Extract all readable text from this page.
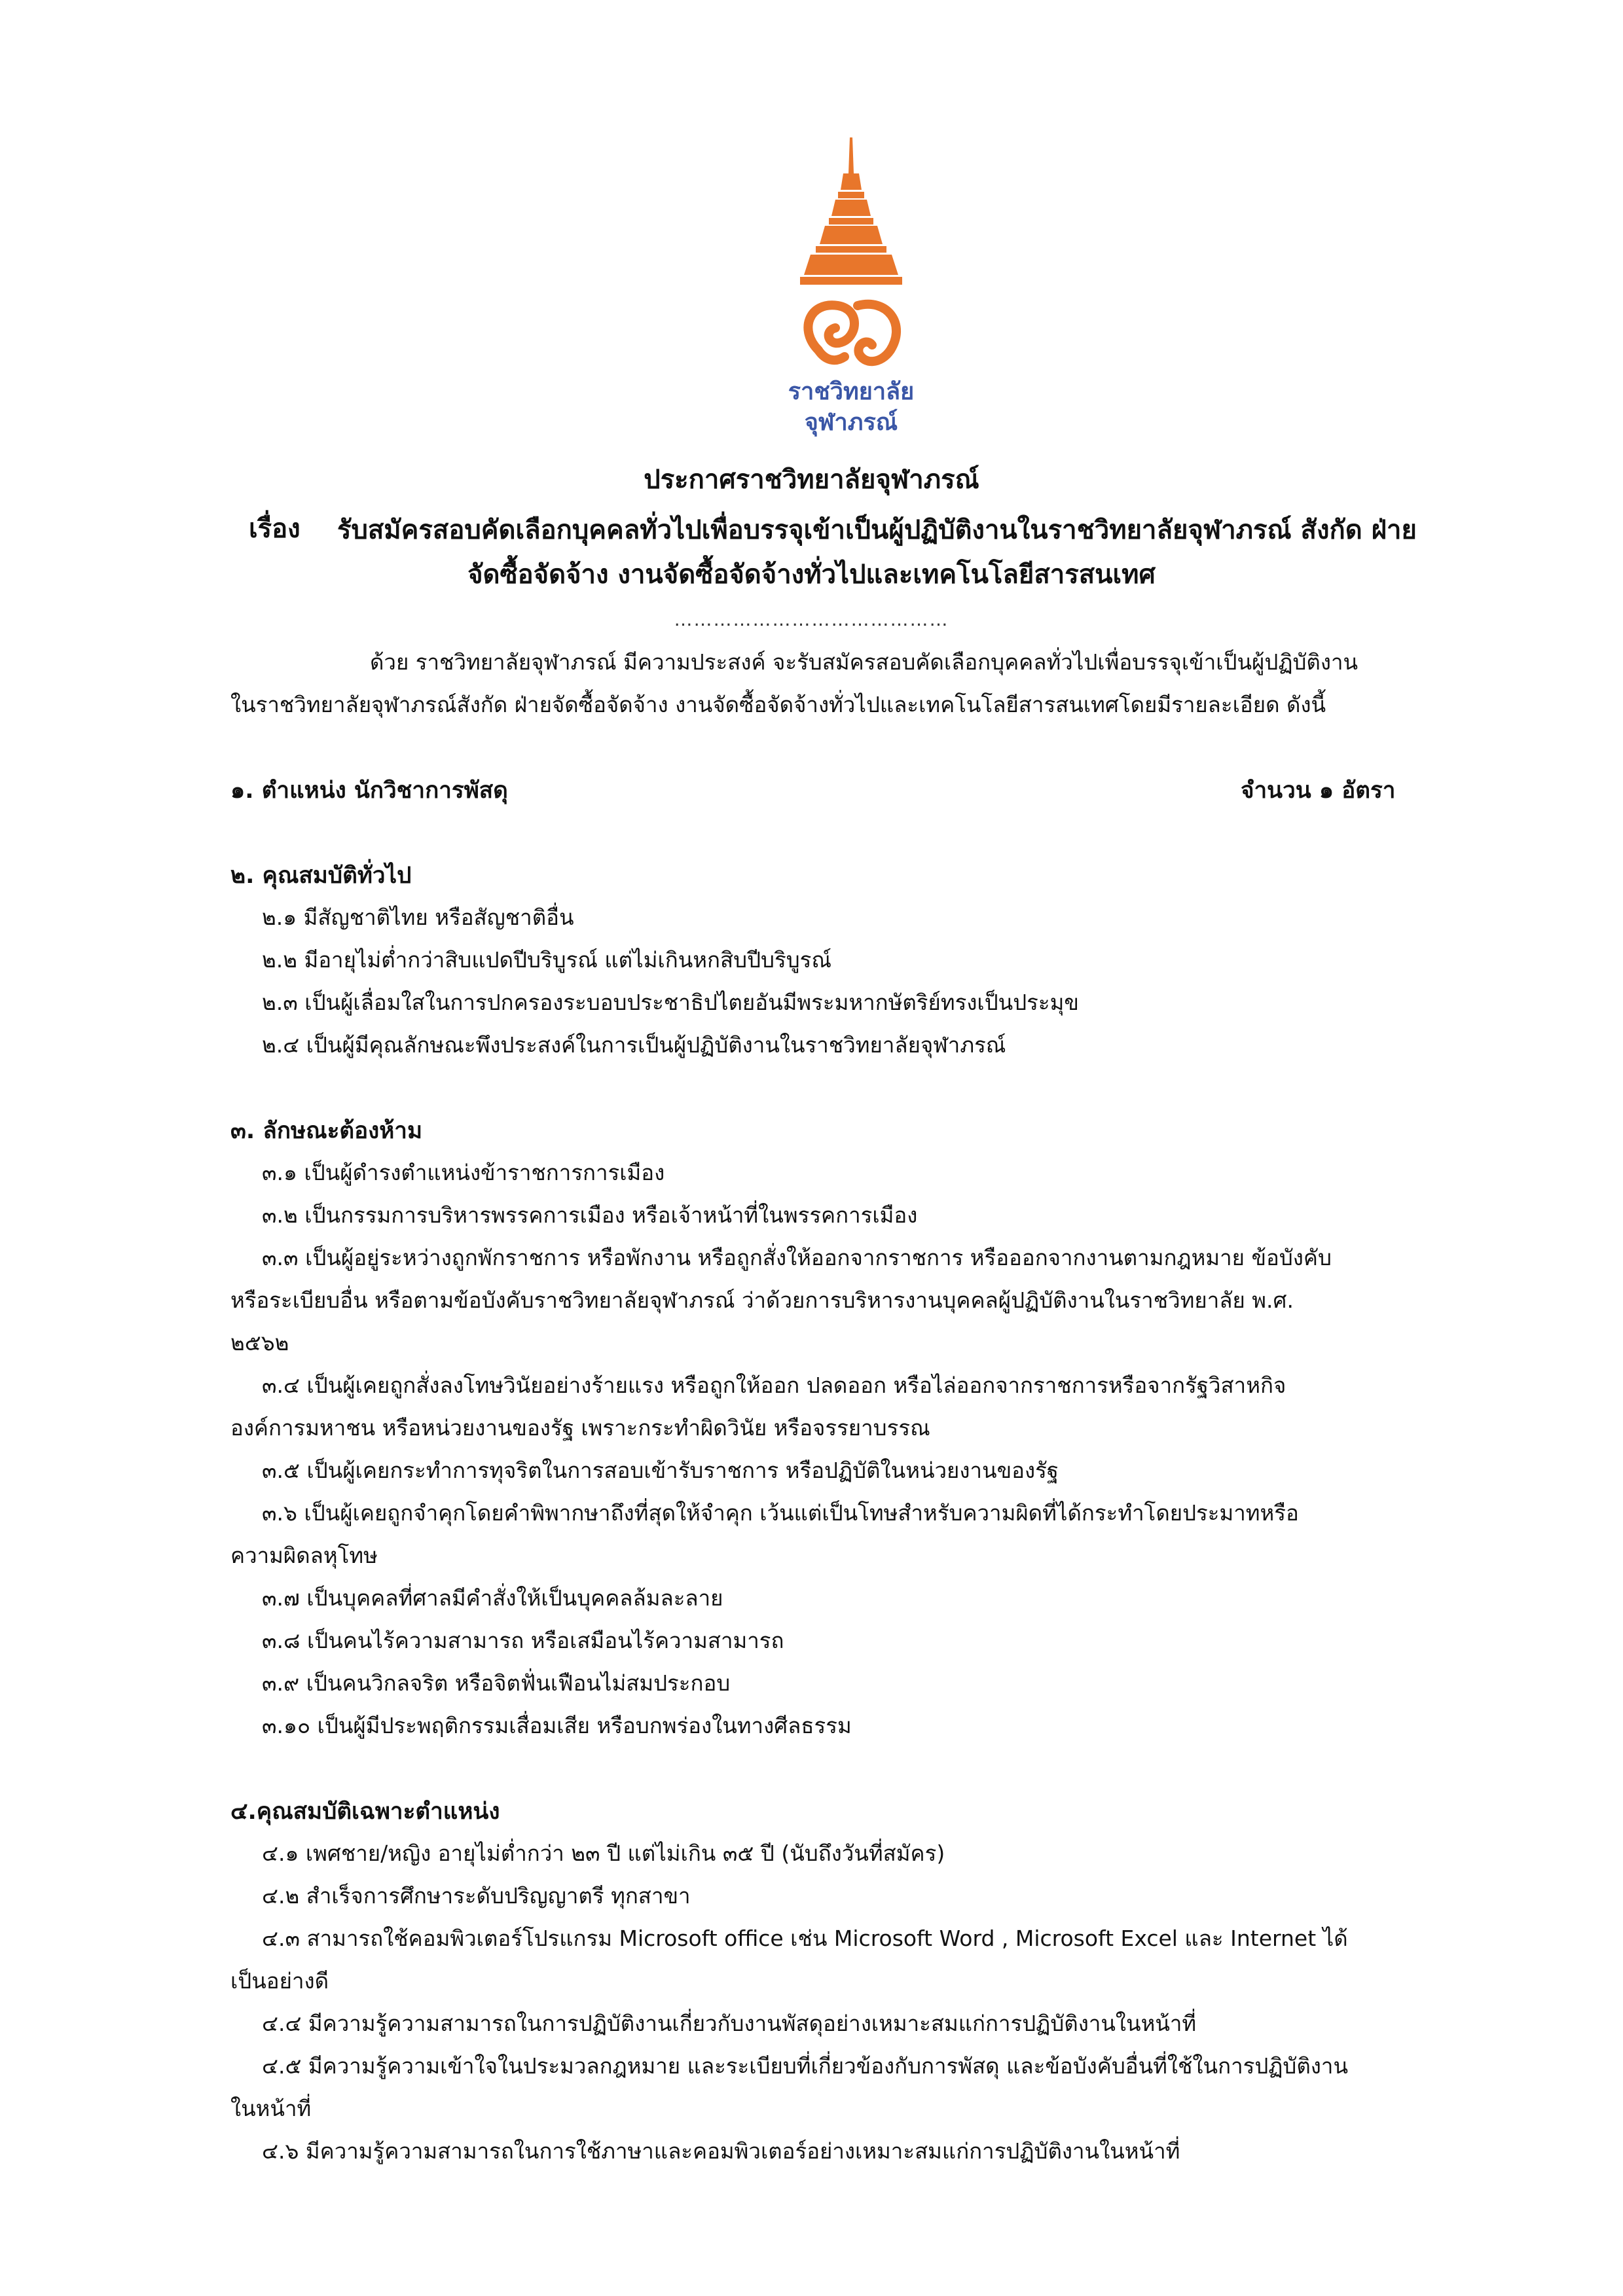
ราชวิทยาลัย
จุฬาภรณ์
ประกาศราชวิทยาลัยจุฬาภรณ์
เรื่อง รับสมัครสอบคัดเลือกบุคคลทั่วไปเพื่อบรรจุเข้าเป็นผู้ปฏิบัติงานในราชวิทยาลัยจุฬาภรณ์ สังกัด ฝ่าย
จัดซื้อจัดจ้าง งานจัดซื้อจัดจ้างทั่วไปและเทคโนโลยีสารสนเทศ
……………………………………
ด้วย ราชวิทยาลัยจุฬาภรณ์ มีความประสงค์ จะรับสมัครสอบคัดเลือกบุคคลทั่วไปเพื่อบรรจุเข้าเป็นผู้ปฏิบัติงาน
ในราชวิทยาลัยจุฬาภรณ์สังกัด ฝ่ายจัดซื้อจัดจ้าง งานจัดซื้อจัดจ้างทั่วไปและเทคโนโลยีสารสนเทศโดยมีรายละเอียด ดังนี้
๑. ตำแหน่ง นักวิชาการพัสดุ	จำนวน ๑ อัตรา
๒. คุณสมบัติทั่วไป
๒.๑ มีสัญชาติไทย หรือสัญชาติอื่น
๒.๒ มีอายุไม่ต่ำกว่าสิบแปดปีบริบูรณ์ แต่ไม่เกินหกสิบปีบริบูรณ์
๒.๓ เป็นผู้เลื่อมใสในการปกครองระบอบประชาธิปไตยอันมีพระมหากษัตริย์ทรงเป็นประมุข
๒.๔ เป็นผู้มีคุณลักษณะพึงประสงค์ในการเป็นผู้ปฏิบัติงานในราชวิทยาลัยจุฬาภรณ์
๓. ลักษณะต้องห้าม
๓.๑ เป็นผู้ดำรงตำแหน่งข้าราชการการเมือง
๓.๒ เป็นกรรมการบริหารพรรคการเมือง หรือเจ้าหน้าที่ในพรรคการเมือง
๓.๓ เป็นผู้อยู่ระหว่างถูกพักราชการ หรือพักงาน หรือถูกสั่งให้ออกจากราชการ หรือออกจากงานตามกฎหมาย ข้อบังคับ
หรือระเบียบอื่น หรือตามข้อบังคับราชวิทยาลัยจุฬาภรณ์ ว่าด้วยการบริหารงานบุคคลผู้ปฏิบัติงานในราชวิทยาลัย พ.ศ.
๒๕๖๒
๓.๔ เป็นผู้เคยถูกสั่งลงโทษวินัยอย่างร้ายแรง หรือถูกให้ออก ปลดออก หรือไล่ออกจากราชการหรือจากรัฐวิสาหกิจ
องค์การมหาชน หรือหน่วยงานของรัฐ เพราะกระทำผิดวินัย หรือจรรยาบรรณ
๓.๕ เป็นผู้เคยกระทำการทุจริตในการสอบเข้ารับราชการ หรือปฏิบัติในหน่วยงานของรัฐ
๓.๖ เป็นผู้เคยถูกจำคุกโดยคำพิพากษาถึงที่สุดให้จำคุก เว้นแต่เป็นโทษสำหรับความผิดที่ได้กระทำโดยประมาทหรือ
ความผิดลหุโทษ
๓.๗ เป็นบุคคลที่ศาลมีคำสั่งให้เป็นบุคคลล้มละลาย
๓.๘ เป็นคนไร้ความสามารถ หรือเสมือนไร้ความสามารถ
๓.๙ เป็นคนวิกลจริต หรือจิตฟั่นเฟือนไม่สมประกอบ
๓.๑๐ เป็นผู้มีประพฤติกรรมเสื่อมเสีย หรือบกพร่องในทางศีลธรรม
๔.คุณสมบัติเฉพาะตำแหน่ง
๔.๑ เพศชาย/หญิง อายุไม่ต่ำกว่า ๒๓ ปี แต่ไม่เกิน ๓๕ ปี (นับถึงวันที่สมัคร)
๔.๒ สำเร็จการศึกษาระดับปริญญาตรี ทุกสาขา
๔.๓ สามารถใช้คอมพิวเตอร์โปรแกรม Microsoft office เช่น Microsoft Word , Microsoft Excel และ Internet ได้
เป็นอย่างดี
๔.๔ มีความรู้ความสามารถในการปฏิบัติงานเกี่ยวกับงานพัสดุอย่างเหมาะสมแก่การปฏิบัติงานในหน้าที่
๔.๕ มีความรู้ความเข้าใจในประมวลกฎหมาย และระเบียบที่เกี่ยวข้องกับการพัสดุ และข้อบังคับอื่นที่ใช้ในการปฏิบัติงาน
ในหน้าที่
๔.๖ มีความรู้ความสามารถในการใช้ภาษาและคอมพิวเตอร์อย่างเหมาะสมแก่การปฏิบัติงานในหน้าที่
